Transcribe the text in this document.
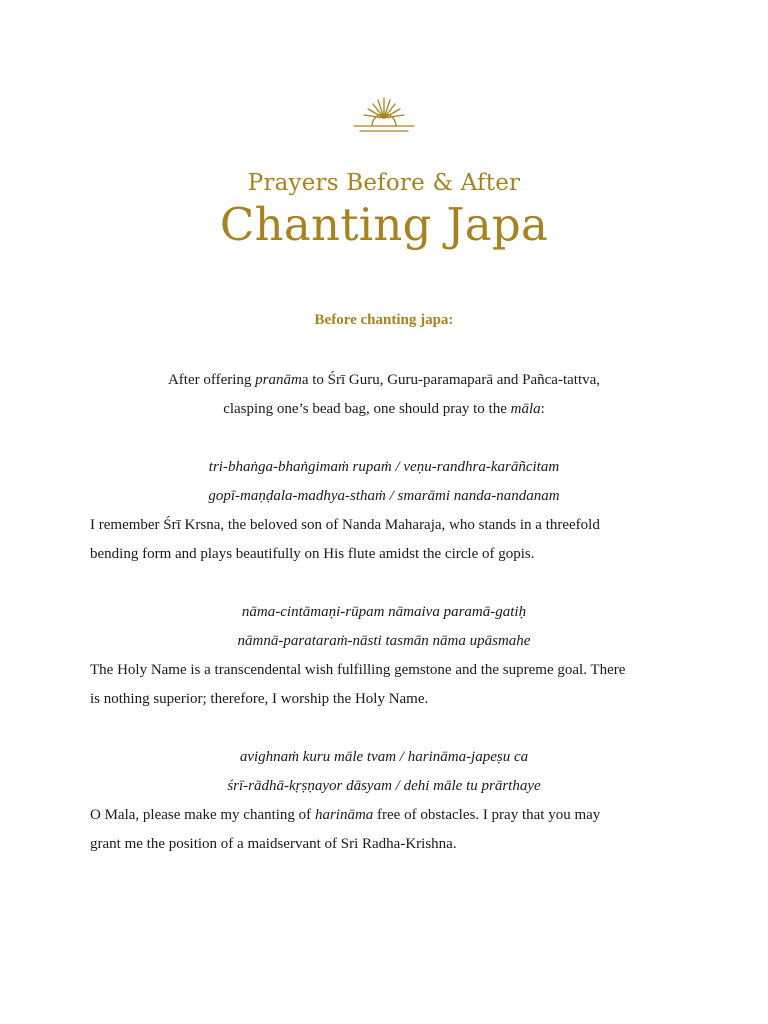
Prayers Before & After
Chanting Japa
Before chanting japa:
After offering pranāma to Śrī Guru, Guru-paramaparā and Pañca-tattva,
clasping one’s bead bag, one should pray to the māla:
tri-bhaṅga-bhaṅgimaṁ rupaṁ / veṇu-randhra-karāñcitam
gopī-maṇḍala-madhya-sthaṁ / smarāmi nanda-nandanam
I remember Śrī Krsna, the beloved son of Nanda Maharaja, who stands in a threefold
bending form and plays beautifully on His flute amidst the circle of gopis.
nāma-cintāmaṇi-rūpam nāmaiva paramā-gatiḥ
nāmnā-parataraṁ-nāsti tasmān nāma upāsmahe
The Holy Name is a transcendental wish fulfilling gemstone and the supreme goal. There
is nothing superior; therefore, I worship the Holy Name.
avighnaṁ kuru māle tvam / harināma-japeṣu ca
śrī-rādhā-kṛṣṇayor dāsyam / dehi māle tu prārthaye
O Mala, please make my chanting of harināma free of obstacles. I pray that you may
grant me the position of a maidservant of Sri Radha-Krishna.
